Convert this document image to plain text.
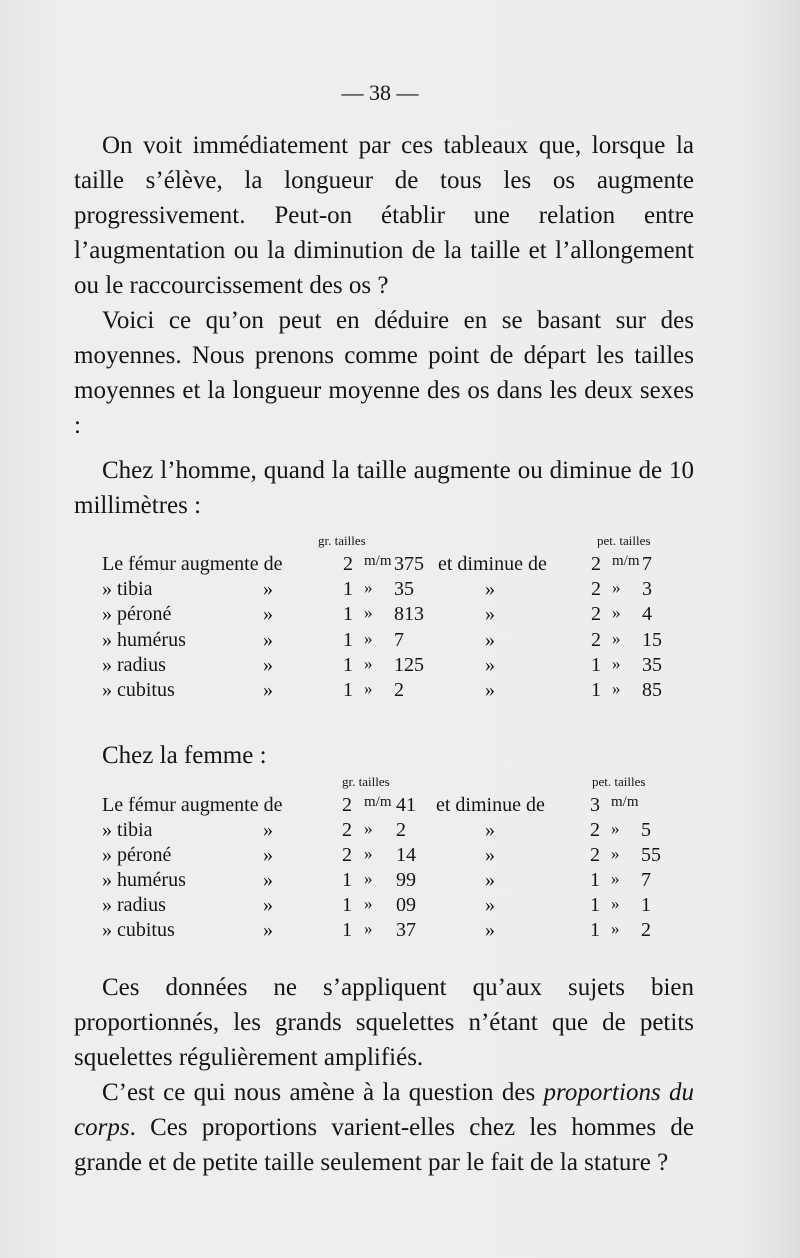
— 38 —

On voit immédiatement par ces tableaux que, lorsque la taille s’élève, la longueur de tous les os augmente progressivement. Peut-on établir une relation entre l’augmentation ou la diminution de la taille et l’allongement ou le raccourcissement des os ?

Voici ce qu’on peut en déduire en se basant sur des moyennes. Nous prenons comme point de départ les tailles moyennes et la longueur moyenne des os dans les deux sexes :

Chez l’homme, quand la taille augmente ou diminue de 10 millimètres :

gr. tailles	pet. tailles
Le fémur augmente de	2 m/m 375 et diminue de 2 m/m 7
» tibia	»	1 » 35	»	2 » 3
» péroné	»	1 » 813	»	2 » 4
» humérus	»	1 » 7	»	2 » 15
» radius	»	1 » 125	»	1 » 35
» cubitus	»	1 » 2	»	1 » 85

Chez la femme :

gr. tailles	pet. tailles
Le fémur augmente de	2 m/m 41 et diminue de 3 m/m
» tibia	»	2 » 2	»	2 » 5
» péroné	»	2 » 14	»	2 » 55
» humérus	»	1 » 99	»	1 » 7
» radius	»	1 » 09	»	1 » 1
» cubitus	»	1 » 37	»	1 » 2

Ces données ne s’appliquent qu’aux sujets bien proportionnés, les grands squelettes n’étant que de petits squelettes régulièrement amplifiés.

C’est ce qui nous amène à la question des proportions du corps. Ces proportions varient-elles chez les hommes de grande et de petite taille seulement par le fait de la stature ?
